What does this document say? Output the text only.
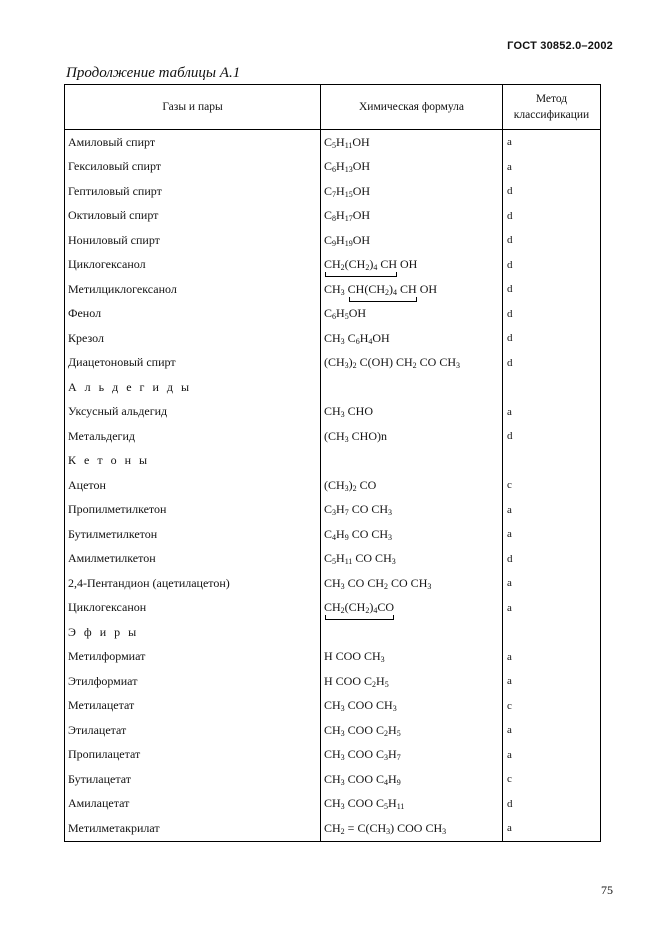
ГОСТ 30852.0–2002
Продолжение таблицы А.1
Газы и пары	Химическая формула	Метод классификации
Амиловый спирт	$C_5H_{11}OH$	a
Гексиловый спирт	$C_6H_{13}OH$	a
Гептиловый спирт	$C_7H_{15}OH$	d
Октиловый спирт	$C_8H_{17}OH$	d
Нониловый спирт	$C_9H_{19}OH$	d
Циклогексанол	$CH_2(CH_2)_4$ CH OH	d
Метилциклогексанол	$CH_3$ $CH(CH_2)_4$ CH OH	d
Фенол	$C_6H_5OH$	d
Крезол	$CH_3$ $C_6H_4OH$	d
Диацетоновый спирт	$(CH_3)_2$ C(OH) $CH_2$ CO $CH_3$	d
А л ь д е г и д ы		
Уксусный альдегид	$CH_3$ CHO	a
Метальдегид	($CH_3$ CHO)n	d
К е т о н ы		
Ацетон	$(CH_3)_2$ CO	c
Пропилметилкетон	$C_3H_7$ CO $CH_3$	a
Бутилметилкетон	$C_4H_9$ CO $CH_3$	a
Амилметилкетон	$C_5H_{11}$ CO $CH_3$	d
2,4-Пентандион (ацетилацетон)	$CH_3$ CO $CH_2$ CO $CH_3$	a
Циклогексанон	$CH_2(CH_2)_4CO$	a
Э ф и р ы		
Метилформиат	H COO $CH_3$	a
Этилформиат	H COO $C_2H_5$	a
Метилацетат	$CH_3$ COO $CH_3$	c
Этилацетат	$CH_3$ COO $C_2H_5$	a
Пропилацетат	$CH_3$ COO $C_3H_7$	a
Бутилацетат	$CH_3$ COO $C_4H_9$	c
Амилацетат	$CH_3$ COO $C_5H_{11}$	d
Метилметакрилат	$CH_2 = C(CH_3)$ COO $CH_3$	a
75
